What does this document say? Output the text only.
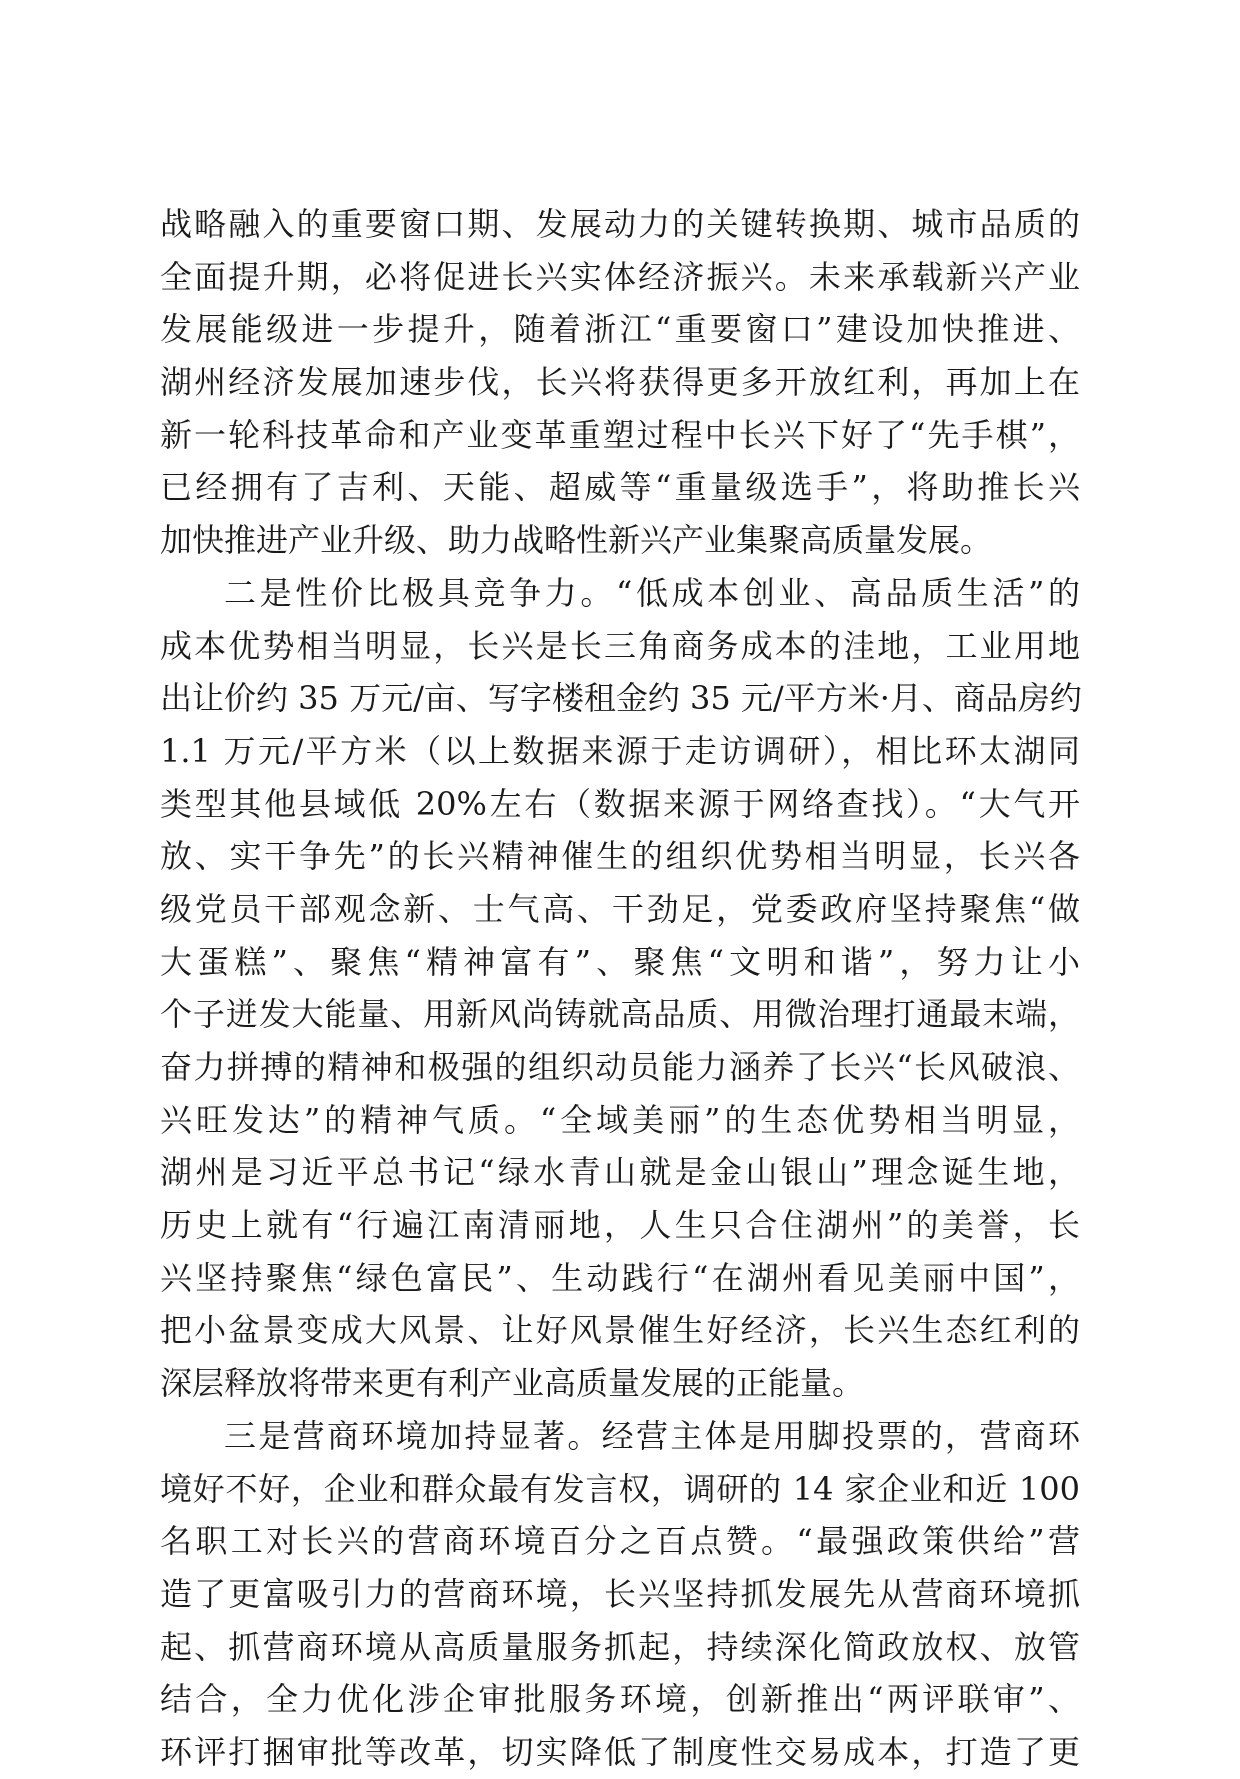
战略融入的重要窗口期、发展动力的关键转换期、城市品质的
全面提升期，必将促进长兴实体经济振兴。未来承载新兴产业
发展能级进一步提升，随着浙江“重要窗口”建设加快推进、
湖州经济发展加速步伐，长兴将获得更多开放红利，再加上在
新一轮科技革命和产业变革重塑过程中长兴下好了“先手棋”，
已经拥有了吉利、天能、超威等“重量级选手”，将助推长兴
加快推进产业升级、助力战略性新兴产业集聚高质量发展。
二是性价比极具竞争力。“低成本创业、高品质生活”的
成本优势相当明显，长兴是长三角商务成本的洼地，工业用地
出让价约 35 万元/亩、写字楼租金约 35 元/平方米·月、商品房约
1.1 万元/平方米（以上数据来源于走访调研），相比环太湖同
类型其他县域低 20%左右（数据来源于网络查找）。“大气开
放、实干争先”的长兴精神催生的组织优势相当明显，长兴各
级党员干部观念新、士气高、干劲足，党委政府坚持聚焦“做
大蛋糕”、聚焦“精神富有”、聚焦“文明和谐”，努力让小
个子迸发大能量、用新风尚铸就高品质、用微治理打通最末端，
奋力拼搏的精神和极强的组织动员能力涵养了长兴“长风破浪、
兴旺发达”的精神气质。“全域美丽”的生态优势相当明显，
湖州是习近平总书记“绿水青山就是金山银山”理念诞生地，
历史上就有“行遍江南清丽地，人生只合住湖州”的美誉，长
兴坚持聚焦“绿色富民”、生动践行“在湖州看见美丽中国”，
把小盆景变成大风景、让好风景催生好经济，长兴生态红利的
深层释放将带来更有利产业高质量发展的正能量。
三是营商环境加持显著。经营主体是用脚投票的，营商环
境好不好，企业和群众最有发言权，调研的 14 家企业和近 100
名职工对长兴的营商环境百分之百点赞。“最强政策供给”营
造了更富吸引力的营商环境，长兴坚持抓发展先从营商环境抓
起、抓营商环境从高质量服务抓起，持续深化简政放权、放管
结合，全力优化涉企审批服务环境，创新推出“两评联审”、
环评打捆审批等改革，切实降低了制度性交易成本，打造了更
